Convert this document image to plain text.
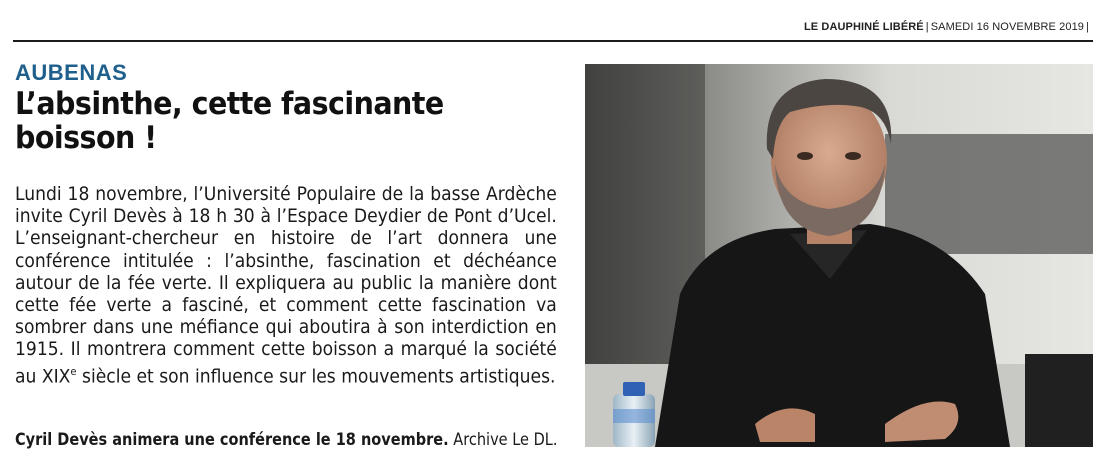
LE DAUPHINÉ LIBÉRÉ | SAMEDI 16 NOVEMBRE 2019 |
AUBENAS
L’absinthe, cette fascinante boisson !
Lundi 18 novembre, l’Université Populaire de la basse Ardèche invite Cyril Devès à 18 h 30 à l’Espace Deydier de Pont d’Ucel. L’enseignant-chercheur en histoire de l’art donnera une conférence intitulée : l’absinthe, fascination et déchéance autour de la fée verte. Il expliquera au public la manière dont cette fée verte a fasciné, et comment cette fascination va sombrer dans une méfiance qui aboutira à son interdiction en 1915. Il montrera comment cette boisson a marqué la société au XIXe siècle et son influence sur les mouvements artistiques.
Cyril Devès animera une conférence le 18 novembre. Archive Le DL.
